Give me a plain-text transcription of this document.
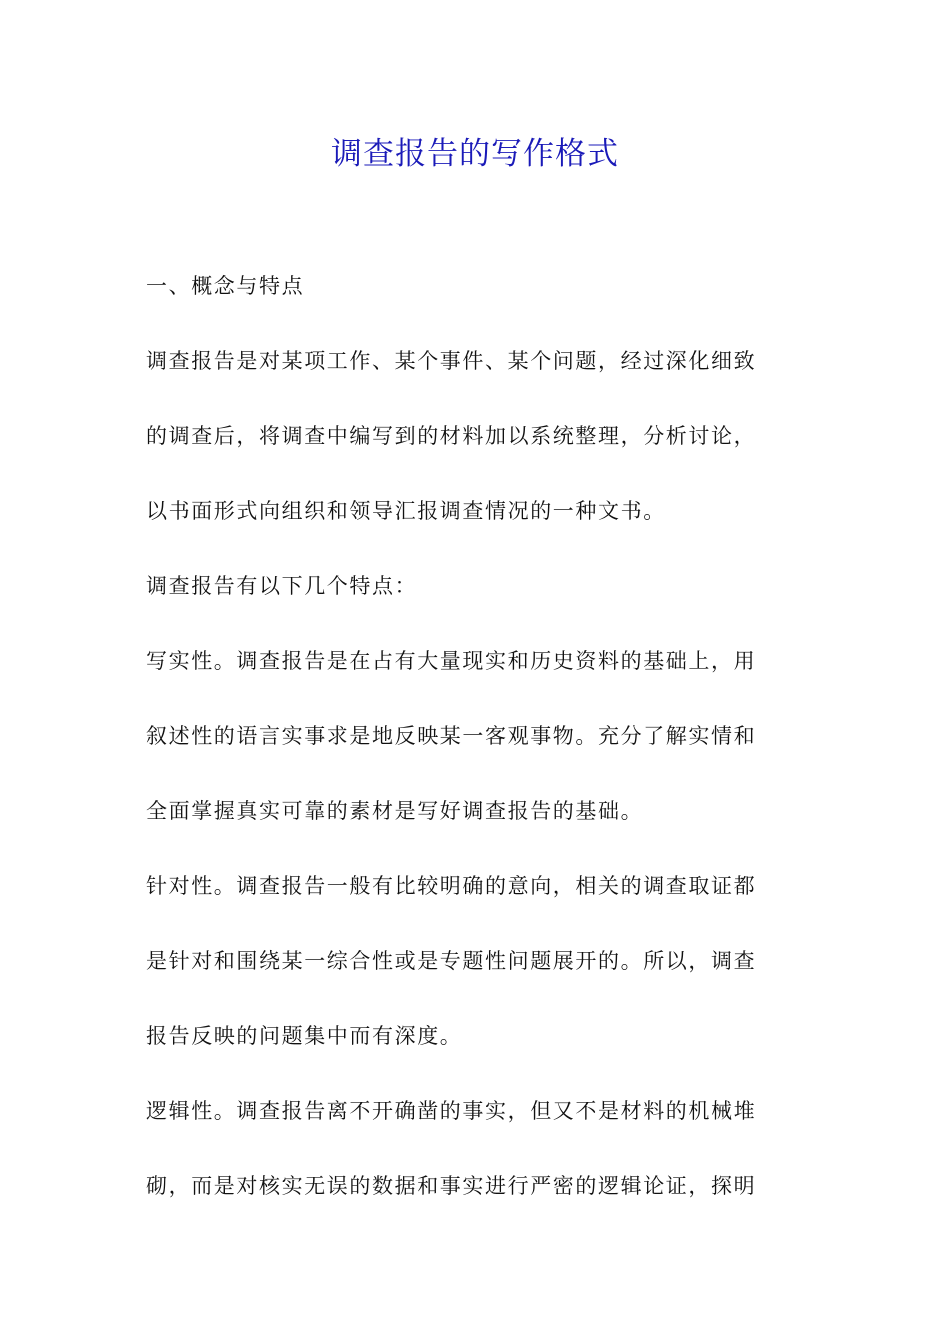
调查报告的写作格式

一、概念与特点

调查报告是对某项工作、某个事件、某个问题，经过深化细致
的调查后，将调查中编写到的材料加以系统整理，分析讨论，
以书面形式向组织和领导汇报调查情况的一种文书。

调查报告有以下几个特点：

写实性。调查报告是在占有大量现实和历史资料的基础上，用
叙述性的语言实事求是地反映某一客观事物。充分了解实情和
全面掌握真实可靠的素材是写好调查报告的基础。

针对性。调查报告一般有比较明确的意向，相关的调查取证都
是针对和围绕某一综合性或是专题性问题展开的。所以，调查
报告反映的问题集中而有深度。

逻辑性。调查报告离不开确凿的事实，但又不是材料的机械堆
砌，而是对核实无误的数据和事实进行严密的逻辑论证，探明
